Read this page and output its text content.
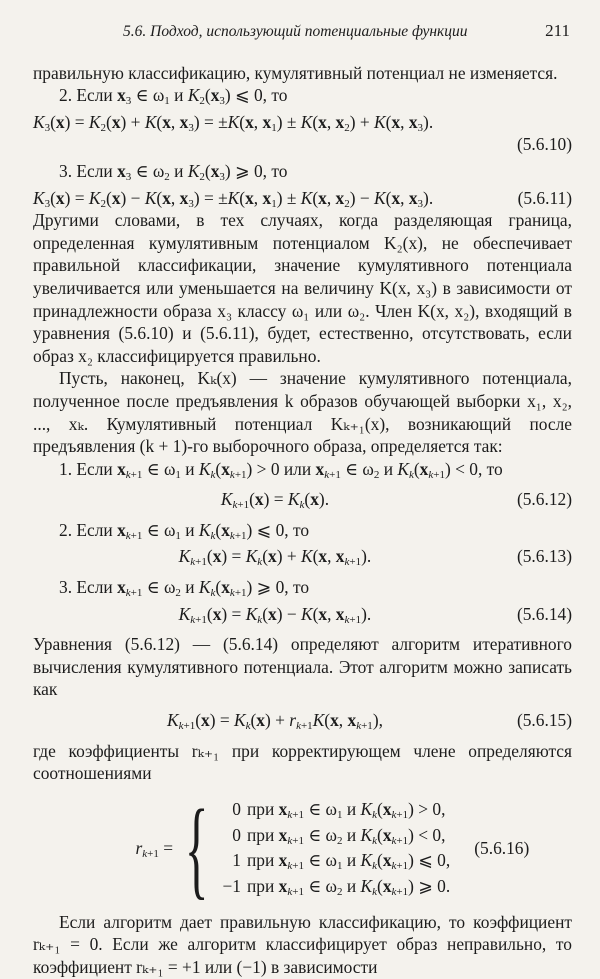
5.6. Подход, использующий потенциальные функции	211

правильную классификацию, кумулятивный потенциал не изменяется.

2. Если $x_3$ ∈ $\omega_1$ и $K_2(x_3)$ ⩽ 0, то
$K_3(x) = K_2(x) + K(x$, $x_3) = \pm K(x$, $x_1) \pm K(x$, $x_2) + K(x$, $x_3$).
(5.6.10)
3. Если $x_3$ ∈ $\omega_2$ и $K_2(x_3)$ ⩾ 0, то
$K_3(x) = K_2(x) - K(x$, $x_3) = \pm K(x$, $x_1) \pm K(x$, $x_2) - K(x$, $x_3$).	(5.6.11)

Другими словами, в тех случаях, когда разделяющая граница, определенная кумулятивным потенциалом K₂(x), не обеспечивает правильной классификации, значение кумулятивного потенциала увеличивается или уменьшается на величину K(x, x₃) в зависимости от принадлежности образа x₃ классу ω₁ или ω₂. Член K(x, x₂), входящий в уравнения (5.6.10) и (5.6.11), будет, естественно, отсутствовать, если образ x₂ классифицируется правильно.

Пусть, наконец, Kₖ(x) — значение кумулятивного потенциала, полученное после предъявления k образов обучающей выборки x₁, x₂, ..., xₖ. Кумулятивный потенциал Kₖ₊₁(x), возникающий после предъявления (k + 1)-го выборочного образа, определяется так:

1. Если $x_{k+1}$ ∈ $\omega_1$ и $K_k(x_{k+1}) > 0$ или $x_{k+1}$ ∈ $\omega_2$ и $K_k(x_{k+1}) < 0$, то
$K_{k+1}(x) = K_k(x)$.	(5.6.12)
2. Если $x_{k+1}$ ∈ $\omega_1$ и $K_k(x_{k+1})$ ⩽ 0, то
$K_{k+1}(x) = K_k(x) + K(x$, $x_{k+1}$).	(5.6.13)
3. Если $x_{k+1}$ ∈ $\omega_2$ и $K_k(x_{k+1})$ ⩾ 0, то
$K_{k+1}(x) = K_k(x) - K(x$, $x_{k+1}$).	(5.6.14)

Уравнения (5.6.12) — (5.6.14) определяют алгоритм итеративного вычисления кумулятивного потенциала. Этот алгоритм можно записать как

$K_{k+1}(x) = K_k(x) + r_{k+1}K(x$, $x_{k+1}$),	(5.6.15)

где коэффициенты rₖ₊₁ при корректирующем члене определяются соотношениями

$r_{k+1}$ = {	0 при $x_{k+1}$ ∈ $\omega_1$ и $K_k(x_{k+1}) > 0$,
0 при $x_{k+1}$ ∈ $\omega_2$ и $K_k(x_{k+1}) < 0$,
1 при $x_{k+1}$ ∈ $\omega_1$ и $K_k(x_{k+1})$ ⩽ 0,
−1 при $x_{k+1}$ ∈ $\omega_2$ и $K_k(x_{k+1})$ ⩾ 0.
(5.6.16)

Если алгоритм дает правильную классификацию, то коэффициент rₖ₊₁ = 0. Если же алгоритм классифицирует образ неправильно, то коэффициент rₖ₊₁ = +1 или (−1) в зависимости
